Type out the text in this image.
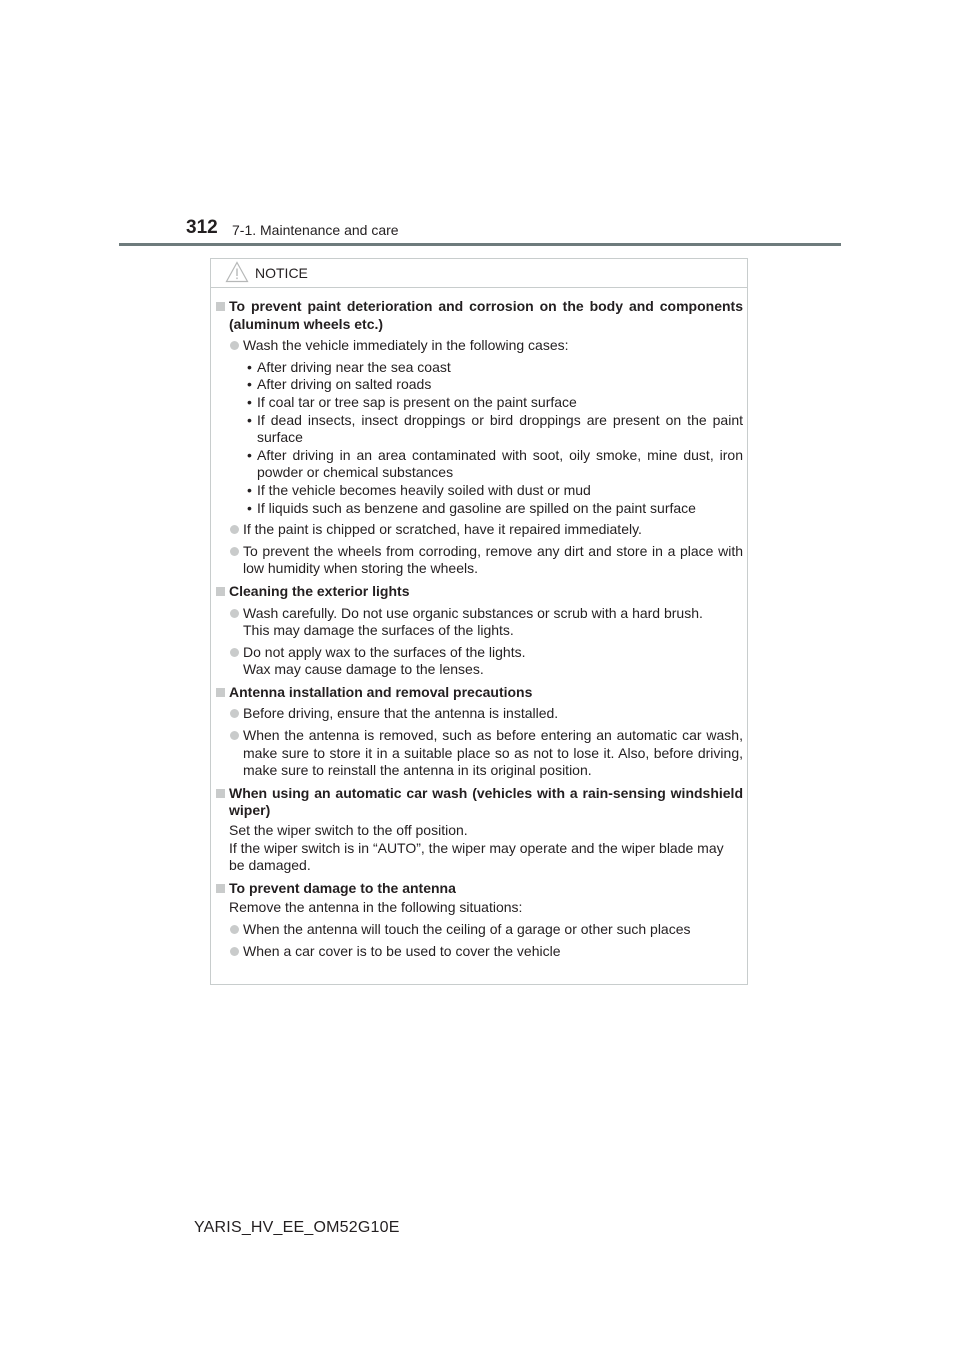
312 7-1. Maintenance and care
NOTICE
To prevent paint deterioration and corrosion on the body and components (aluminum wheels etc.)
Wash the vehicle immediately in the following cases:
• After driving near the sea coast
• After driving on salted roads
• If coal tar or tree sap is present on the paint surface
• If dead insects, insect droppings or bird droppings are present on the paint surface
• After driving in an area contaminated with soot, oily smoke, mine dust, iron powder or chemical substances
• If the vehicle becomes heavily soiled with dust or mud
• If liquids such as benzene and gasoline are spilled on the paint surface
If the paint is chipped or scratched, have it repaired immediately.
To prevent the wheels from corroding, remove any dirt and store in a place with low humidity when storing the wheels.
Cleaning the exterior lights
Wash carefully. Do not use organic substances or scrub with a hard brush.
This may damage the surfaces of the lights.
Do not apply wax to the surfaces of the lights.
Wax may cause damage to the lenses.
Antenna installation and removal precautions
Before driving, ensure that the antenna is installed.
When the antenna is removed, such as before entering an automatic car wash, make sure to store it in a suitable place so as not to lose it. Also, before driving, make sure to reinstall the antenna in its original position.
When using an automatic car wash (vehicles with a rain-sensing windshield wiper)
Set the wiper switch to the off position.
If the wiper switch is in “AUTO”, the wiper may operate and the wiper blade may be damaged.
To prevent damage to the antenna
Remove the antenna in the following situations:
When the antenna will touch the ceiling of a garage or other such places
When a car cover is to be used to cover the vehicle
YARIS_HV_EE_OM52G10E
